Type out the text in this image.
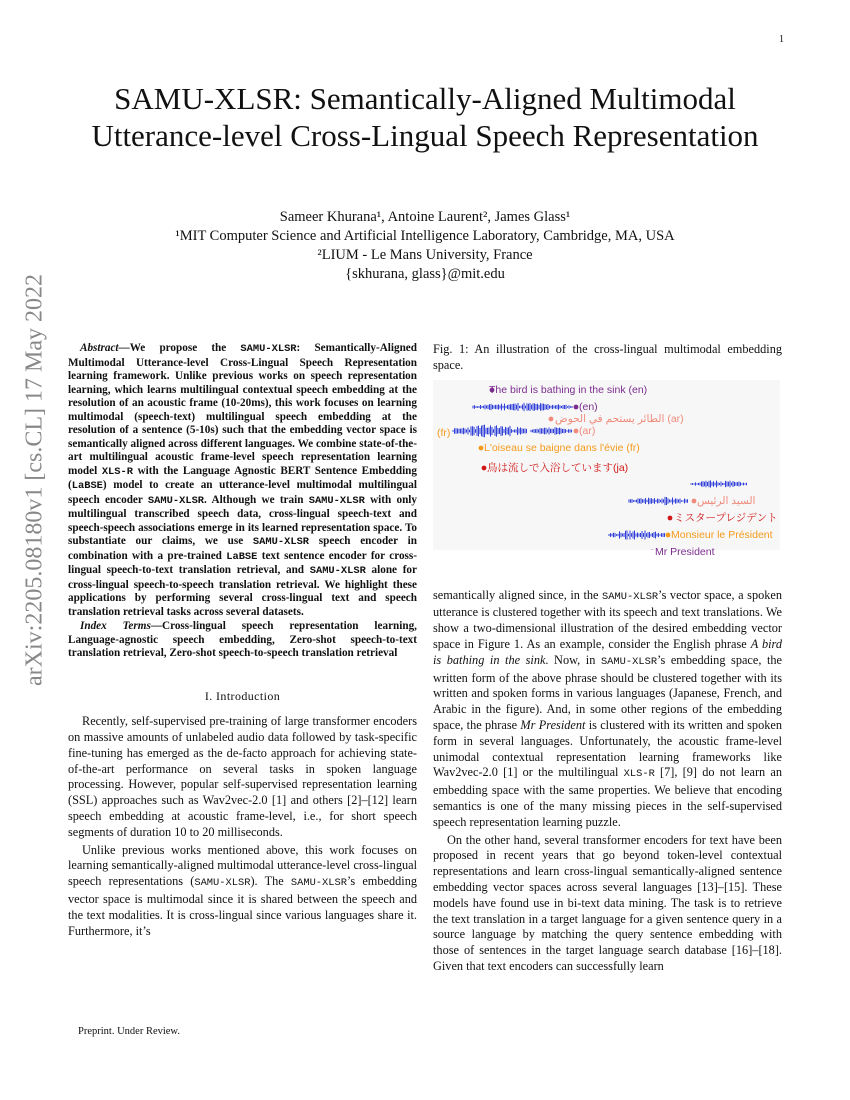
1
arXiv:2205.08180v1 [cs.CL] 17 May 2022
SAMU-XLSR: Semantically-Aligned Multimodal Utterance-level Cross-Lingual Speech Representation
Sameer Khurana¹, Antoine Laurent², James Glass¹
¹MIT Computer Science and Artificial Intelligence Laboratory, Cambridge, MA, USA
²LIUM - Le Mans University, France
{skhurana, glass}@mit.edu

Abstract—We propose the SAMU-XLSR: Semantically-Aligned Multimodal Utterance-level Cross-Lingual Speech Representation learning framework. Unlike previous works on speech representation learning, which learns multilingual contextual speech embedding at the resolution of an acoustic frame (10-20ms), this work focuses on learning multimodal (speech-text) multilingual speech embedding at the resolution of a sentence (5-10s) such that the embedding vector space is semantically aligned across different languages. We combine state-of-the-art multilingual acoustic frame-level speech representation learning model XLS-R with the Language Agnostic BERT Sentence Embedding (LaBSE) model to create an utterance-level multimodal multilingual speech encoder SAMU-XLSR. Although we train SAMU-XLSR with only multilingual transcribed speech data, cross-lingual speech-text and speech-speech associations emerge in its learned representation space. To substantiate our claims, we use SAMU-XLSR speech encoder in combination with a pre-trained LaBSE text sentence encoder for cross-lingual speech-to-text translation retrieval, and SAMU-XLSR alone for cross-lingual speech-to-speech translation retrieval. We highlight these applications by performing several cross-lingual text and speech translation retrieval tasks across several datasets.

Index Terms—Cross-lingual speech representation learning, Language-agnostic speech embedding, Zero-shot speech-to-text translation retrieval, Zero-shot speech-to-speech translation retrieval

I. Introduction

Recently, self-supervised pre-training of large transformer encoders on massive amounts of unlabeled audio data followed by task-specific fine-tuning has emerged as the de-facto approach for achieving state-of-the-art performance on several tasks in spoken language processing. However, popular self-supervised representation learning (SSL) approaches such as Wav2vec-2.0 [1] and others [2]–[12] learn speech embedding at acoustic frame-level, i.e., for short speech segments of duration 10 to 20 milliseconds.

Unlike previous works mentioned above, this work focuses on learning semantically-aligned multimodal utterance-level cross-lingual speech representations (SAMU-XLSR). The SAMU-XLSR’s embedding vector space is multimodal since it is shared between the speech and the text modalities. It is cross-lingual since various languages share it. Furthermore, it’s

Fig. 1: An illustration of the cross-lingual multimodal embedding space.

The bird is bathing in the sink (en)
(en)
الطائر يستحم في الحوض (ar)
(fr)	(ar)
L'oiseau se baigne dans l'évie (fr)
鳥は流しで入浴しています(ja)
السيد الرئيس
ミスタープレジデント
Monsieur le Président
Mr President

semantically aligned since, in the SAMU-XLSR’s vector space, a spoken utterance is clustered together with its speech and text translations. We show a two-dimensional illustration of the desired embedding vector space in Figure 1. As an example, consider the English phrase A bird is bathing in the sink. Now, in SAMU-XLSR’s embedding space, the written form of the above phrase should be clustered together with its written and spoken forms in various languages (Japanese, French, and Arabic in the figure). And, in some other regions of the embedding space, the phrase Mr President is clustered with its written and spoken form in several languages. Unfortunately, the acoustic frame-level unimodal contextual representation learning frameworks like Wav2vec-2.0 [1] or the multilingual XLS-R [7], [9] do not learn an embedding space with the same properties. We believe that encoding semantics is one of the many missing pieces in the self-supervised speech representation learning puzzle.

On the other hand, several transformer encoders for text have been proposed in recent years that go beyond token-level contextual representations and learn cross-lingual semantically-aligned sentence embedding vector spaces across several languages [13]–[15]. These models have found use in bi-text data mining. The task is to retrieve the text translation in a target language for a given sentence query in a source language by matching the query sentence embedding with those of sentences in the target language search database [16]–[18]. Given that text encoders can successfully learn

Preprint. Under Review.
